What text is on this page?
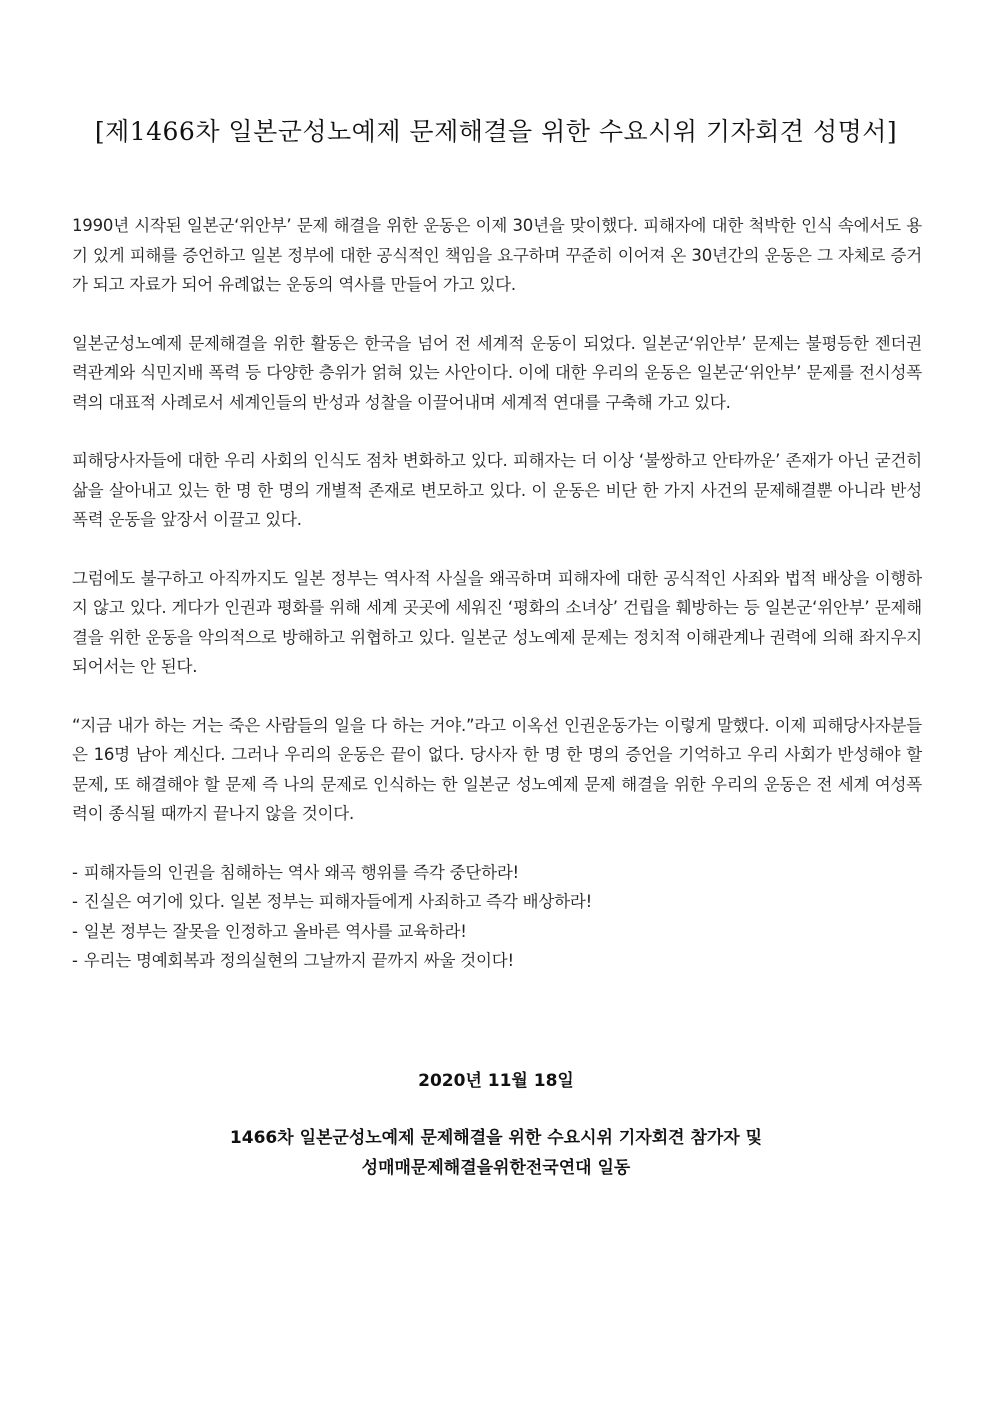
[제1466차 일본군성노예제 문제해결을 위한 수요시위 기자회견 성명서]

1990년 시작된 일본군‘위안부’ 문제 해결을 위한 운동은 이제 30년을 맞이했다. 피해자에 대한 척박한 인식 속에서도 용기 있게 피해를 증언하고 일본 정부에 대한 공식적인 책임을 요구하며 꾸준히 이어져 온 30년간의 운동은 그 자체로 증거가 되고 자료가 되어 유례없는 운동의 역사를 만들어 가고 있다.

일본군성노예제 문제해결을 위한 활동은 한국을 넘어 전 세계적 운동이 되었다. 일본군‘위안부’ 문제는 불평등한 젠더권력관계와 식민지배 폭력 등 다양한 층위가 얽혀 있는 사안이다. 이에 대한 우리의 운동은 일본군‘위안부’ 문제를 전시성폭력의 대표적 사례로서 세계인들의 반성과 성찰을 이끌어내며 세계적 연대를 구축해 가고 있다.

피해당사자들에 대한 우리 사회의 인식도 점차 변화하고 있다. 피해자는 더 이상 ‘불쌍하고 안타까운’ 존재가 아닌 굳건히 삶을 살아내고 있는 한 명 한 명의 개별적 존재로 변모하고 있다. 이 운동은 비단 한 가지 사건의 문제해결뿐 아니라 반성폭력 운동을 앞장서 이끌고 있다.

그럼에도 불구하고 아직까지도 일본 정부는 역사적 사실을 왜곡하며 피해자에 대한 공식적인 사죄와 법적 배상을 이행하지 않고 있다. 게다가 인권과 평화를 위해 세계 곳곳에 세워진 ‘평화의 소녀상’ 건립을 훼방하는 등 일본군‘위안부’ 문제해결을 위한 운동을 악의적으로 방해하고 위협하고 있다. 일본군 성노예제 문제는 정치적 이해관계나 권력에 의해 좌지우지 되어서는 안 된다.

“지금 내가 하는 거는 죽은 사람들의 일을 다 하는 거야.”라고 이옥선 인권운동가는 이렇게 말했다. 이제 피해당사자분들은 16명 남아 계신다. 그러나 우리의 운동은 끝이 없다. 당사자 한 명 한 명의 증언을 기억하고 우리 사회가 반성해야 할 문제, 또 해결해야 할 문제 즉 나의 문제로 인식하는 한 일본군 성노예제 문제 해결을 위한 우리의 운동은 전 세계 여성폭력이 종식될 때까지 끝나지 않을 것이다.

- 피해자들의 인권을 침해하는 역사 왜곡 행위를 즉각 중단하라!
- 진실은 여기에 있다. 일본 정부는 피해자들에게 사죄하고 즉각 배상하라!
- 일본 정부는 잘못을 인정하고 올바른 역사를 교육하라!
- 우리는 명예회복과 정의실현의 그날까지 끝까지 싸울 것이다!
2020년 11월 18일
1466차 일본군성노예제 문제해결을 위한 수요시위 기자회견 참가자 및
성매매문제해결을위한전국연대 일동
